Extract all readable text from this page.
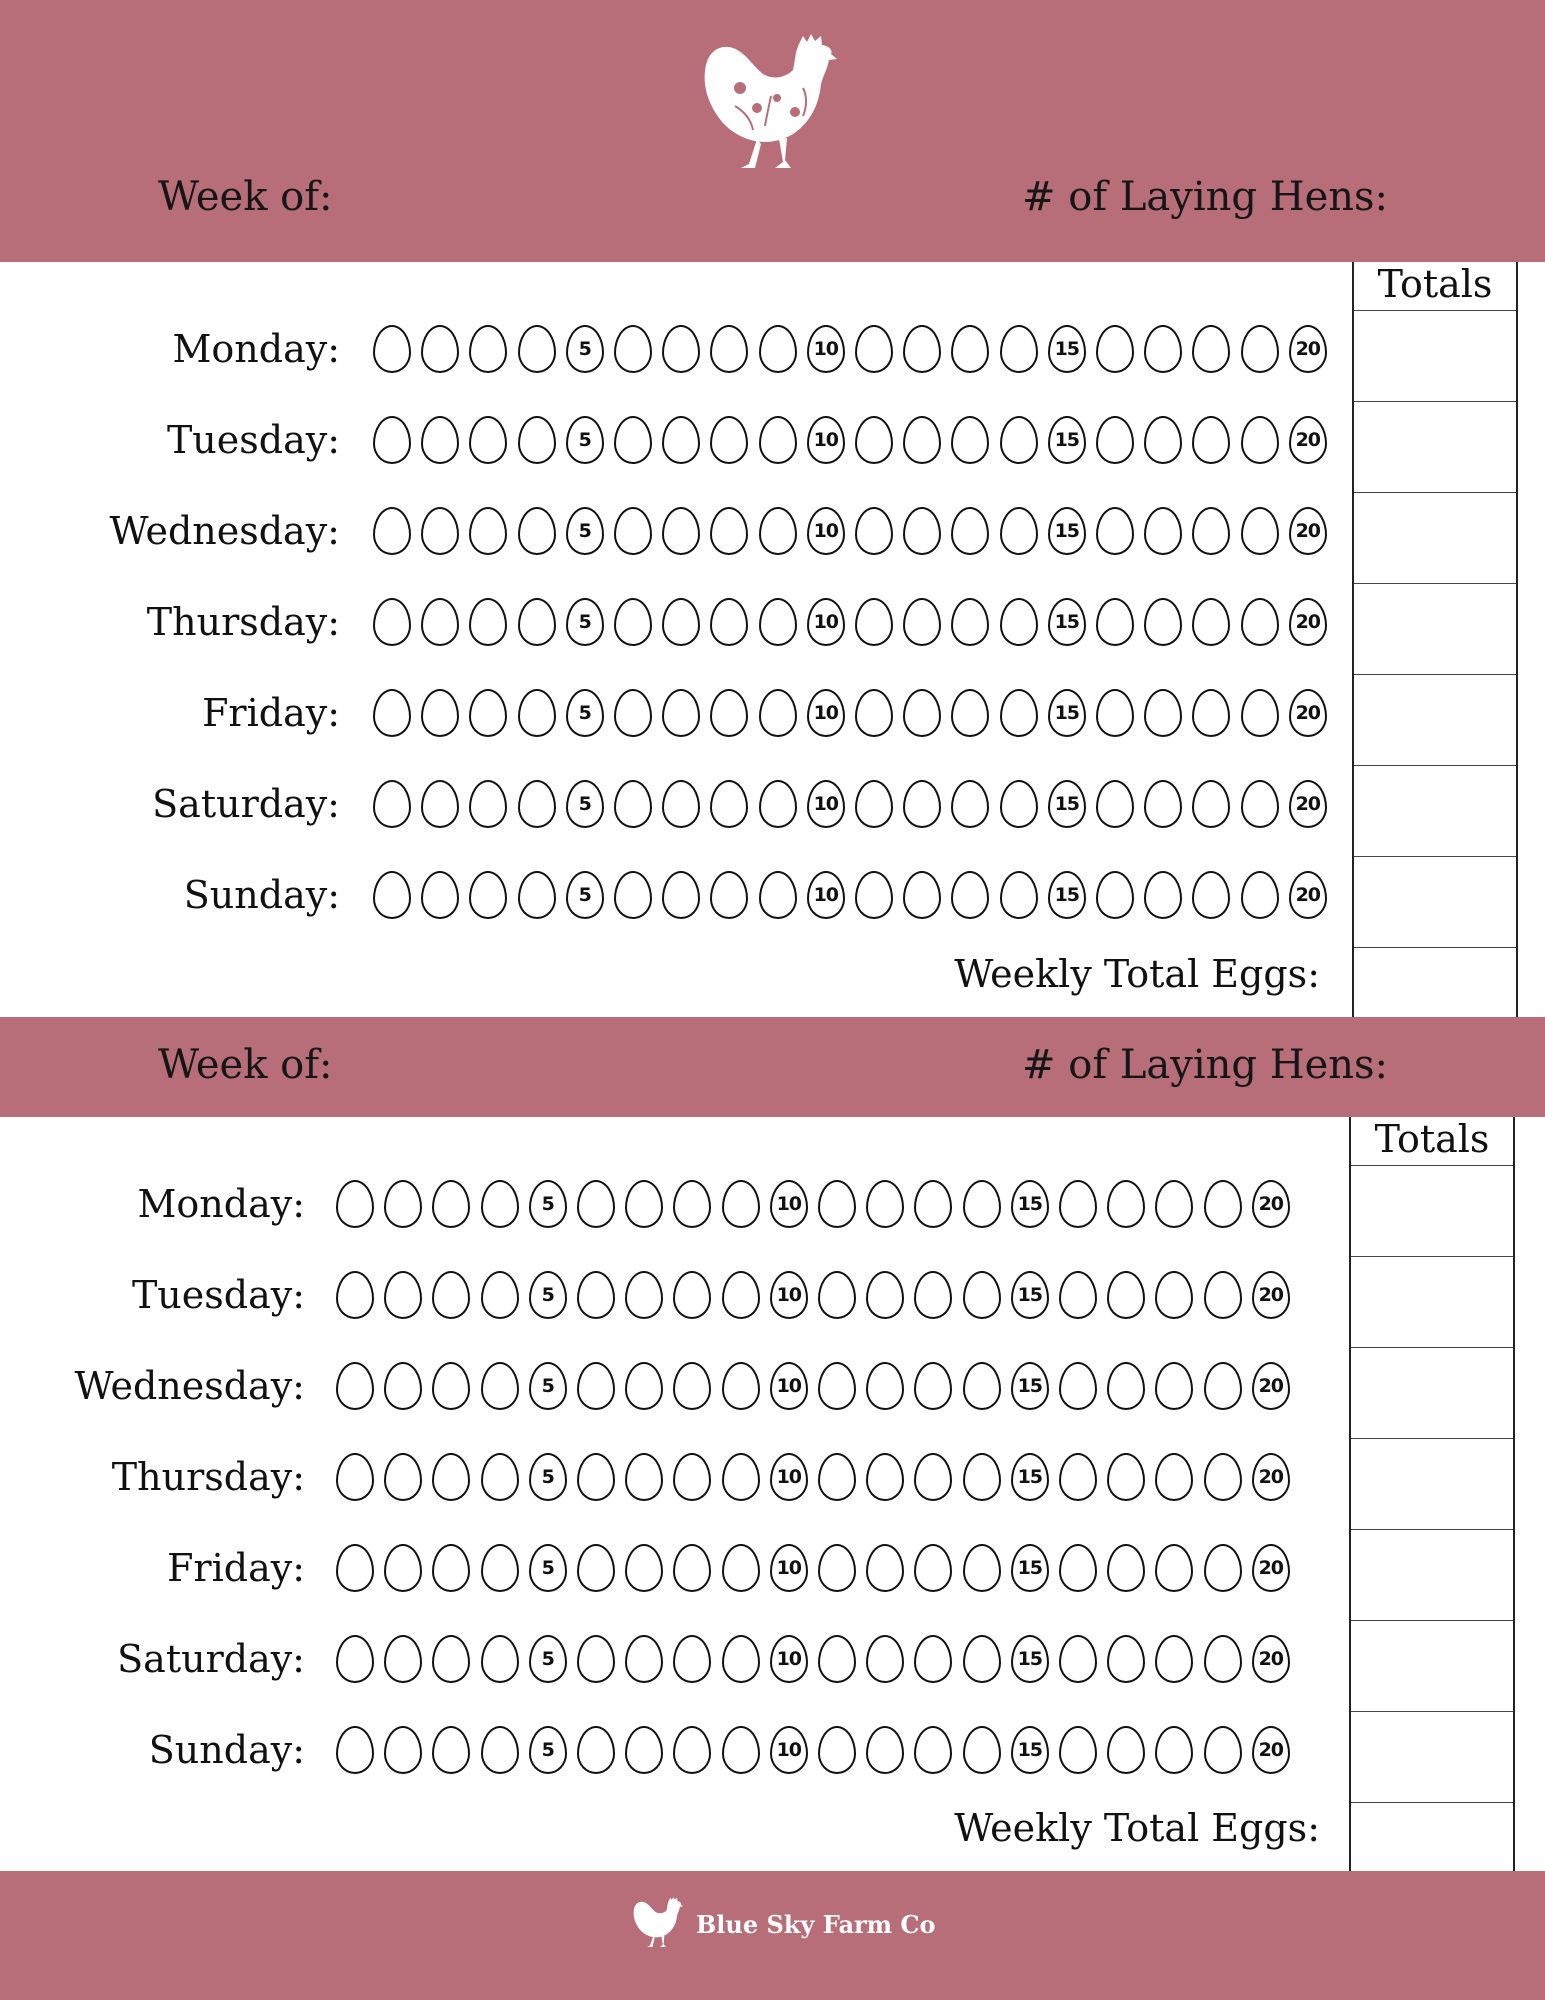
Week of:	# of Laying Hens:
Week of:	# of Laying Hens:
Monday:	5	10	15	20
Tuesday:	5	10	15	20
Wednesday:	5	10	15	20
Thursday:	5	10	15	20
Friday:	5	10	15	20
Saturday:	5	10	15	20
Sunday:	5	10	15	20
Totals
Weekly Total Eggs:
Monday:	5	10	15	20
Tuesday:	5	10	15	20
Wednesday:	5	10	15	20
Thursday:	5	10	15	20
Friday:	5	10	15	20
Saturday:	5	10	15	20
Sunday:	5	10	15	20
Totals
Weekly Total Eggs:
Blue Sky Farm Co
